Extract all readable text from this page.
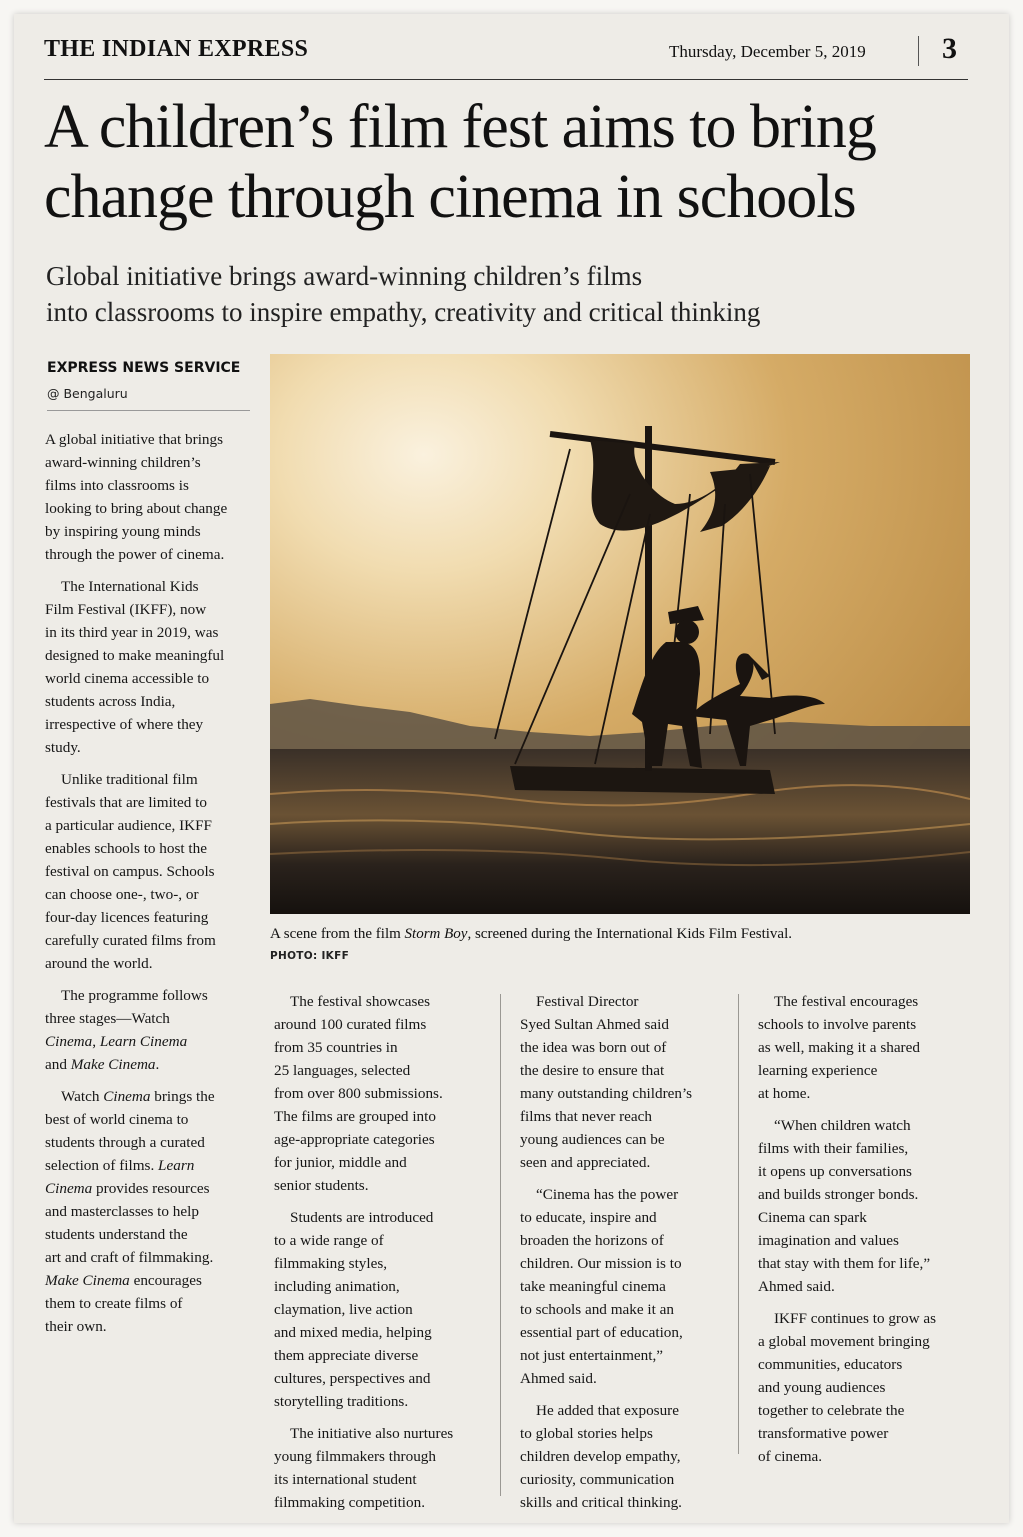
THE INDIAN EXPRESS	Thursday, December 5, 2019	3
A children’s film fest aims to bring
change through cinema in schools
Global initiative brings award-winning children’s films
into classrooms to inspire empathy, creativity and critical thinking
EXPRESS NEWS SERVICE
@ Bengaluru

A global initiative that brings
award-winning children’s
films into classrooms is
looking to bring about change
by inspiring young minds
through the power of cinema.

The International Kids
Film Festival (IKFF), now
in its third year in 2019, was
designed to make meaningful
world cinema accessible to
students across India,
irrespective of where they
study.

Unlike traditional film
festivals that are limited to
a particular audience, IKFF
enables schools to host the
festival on campus. Schools
can choose one-, two-, or
four-day licences featuring
carefully curated films from
around the world.

The programme follows
three stages—Watch
Cinema, Learn Cinema
and Make Cinema.

Watch Cinema brings the
best of world cinema to
students through a curated
selection of films. Learn
Cinema provides resources
and masterclasses to help
students understand the
art and craft of filmmaking.
Make Cinema encourages
them to create films of
their own.

A scene from the film Storm Boy, screened during the International Kids Film Festival.
PHOTO: IKFF

The festival showcases
around 100 curated films
from 35 countries in
25 languages, selected
from over 800 submissions.
The films are grouped into
age-appropriate categories
for junior, middle and
senior students.

Students are introduced
to a wide range of
filmmaking styles,
including animation,
claymation, live action
and mixed media, helping
them appreciate diverse
cultures, perspectives and
storytelling traditions.

The initiative also nurtures
young filmmakers through
its international student
filmmaking competition.

Festival Director
Syed Sultan Ahmed said
the idea was born out of
the desire to ensure that
many outstanding children’s
films that never reach
young audiences can be
seen and appreciated.

“Cinema has the power
to educate, inspire and
broaden the horizons of
children. Our mission is to
take meaningful cinema
to schools and make it an
essential part of education,
not just entertainment,”
Ahmed said.

He added that exposure
to global stories helps
children develop empathy,
curiosity, communication
skills and critical thinking.

The festival encourages
schools to involve parents
as well, making it a shared
learning experience
at home.

“When children watch
films with their families,
it opens up conversations
and builds stronger bonds.
Cinema can spark
imagination and values
that stay with them for life,”
Ahmed said.

IKFF continues to grow as
a global movement bringing
communities, educators
and young audiences
together to celebrate the
transformative power
of cinema.
